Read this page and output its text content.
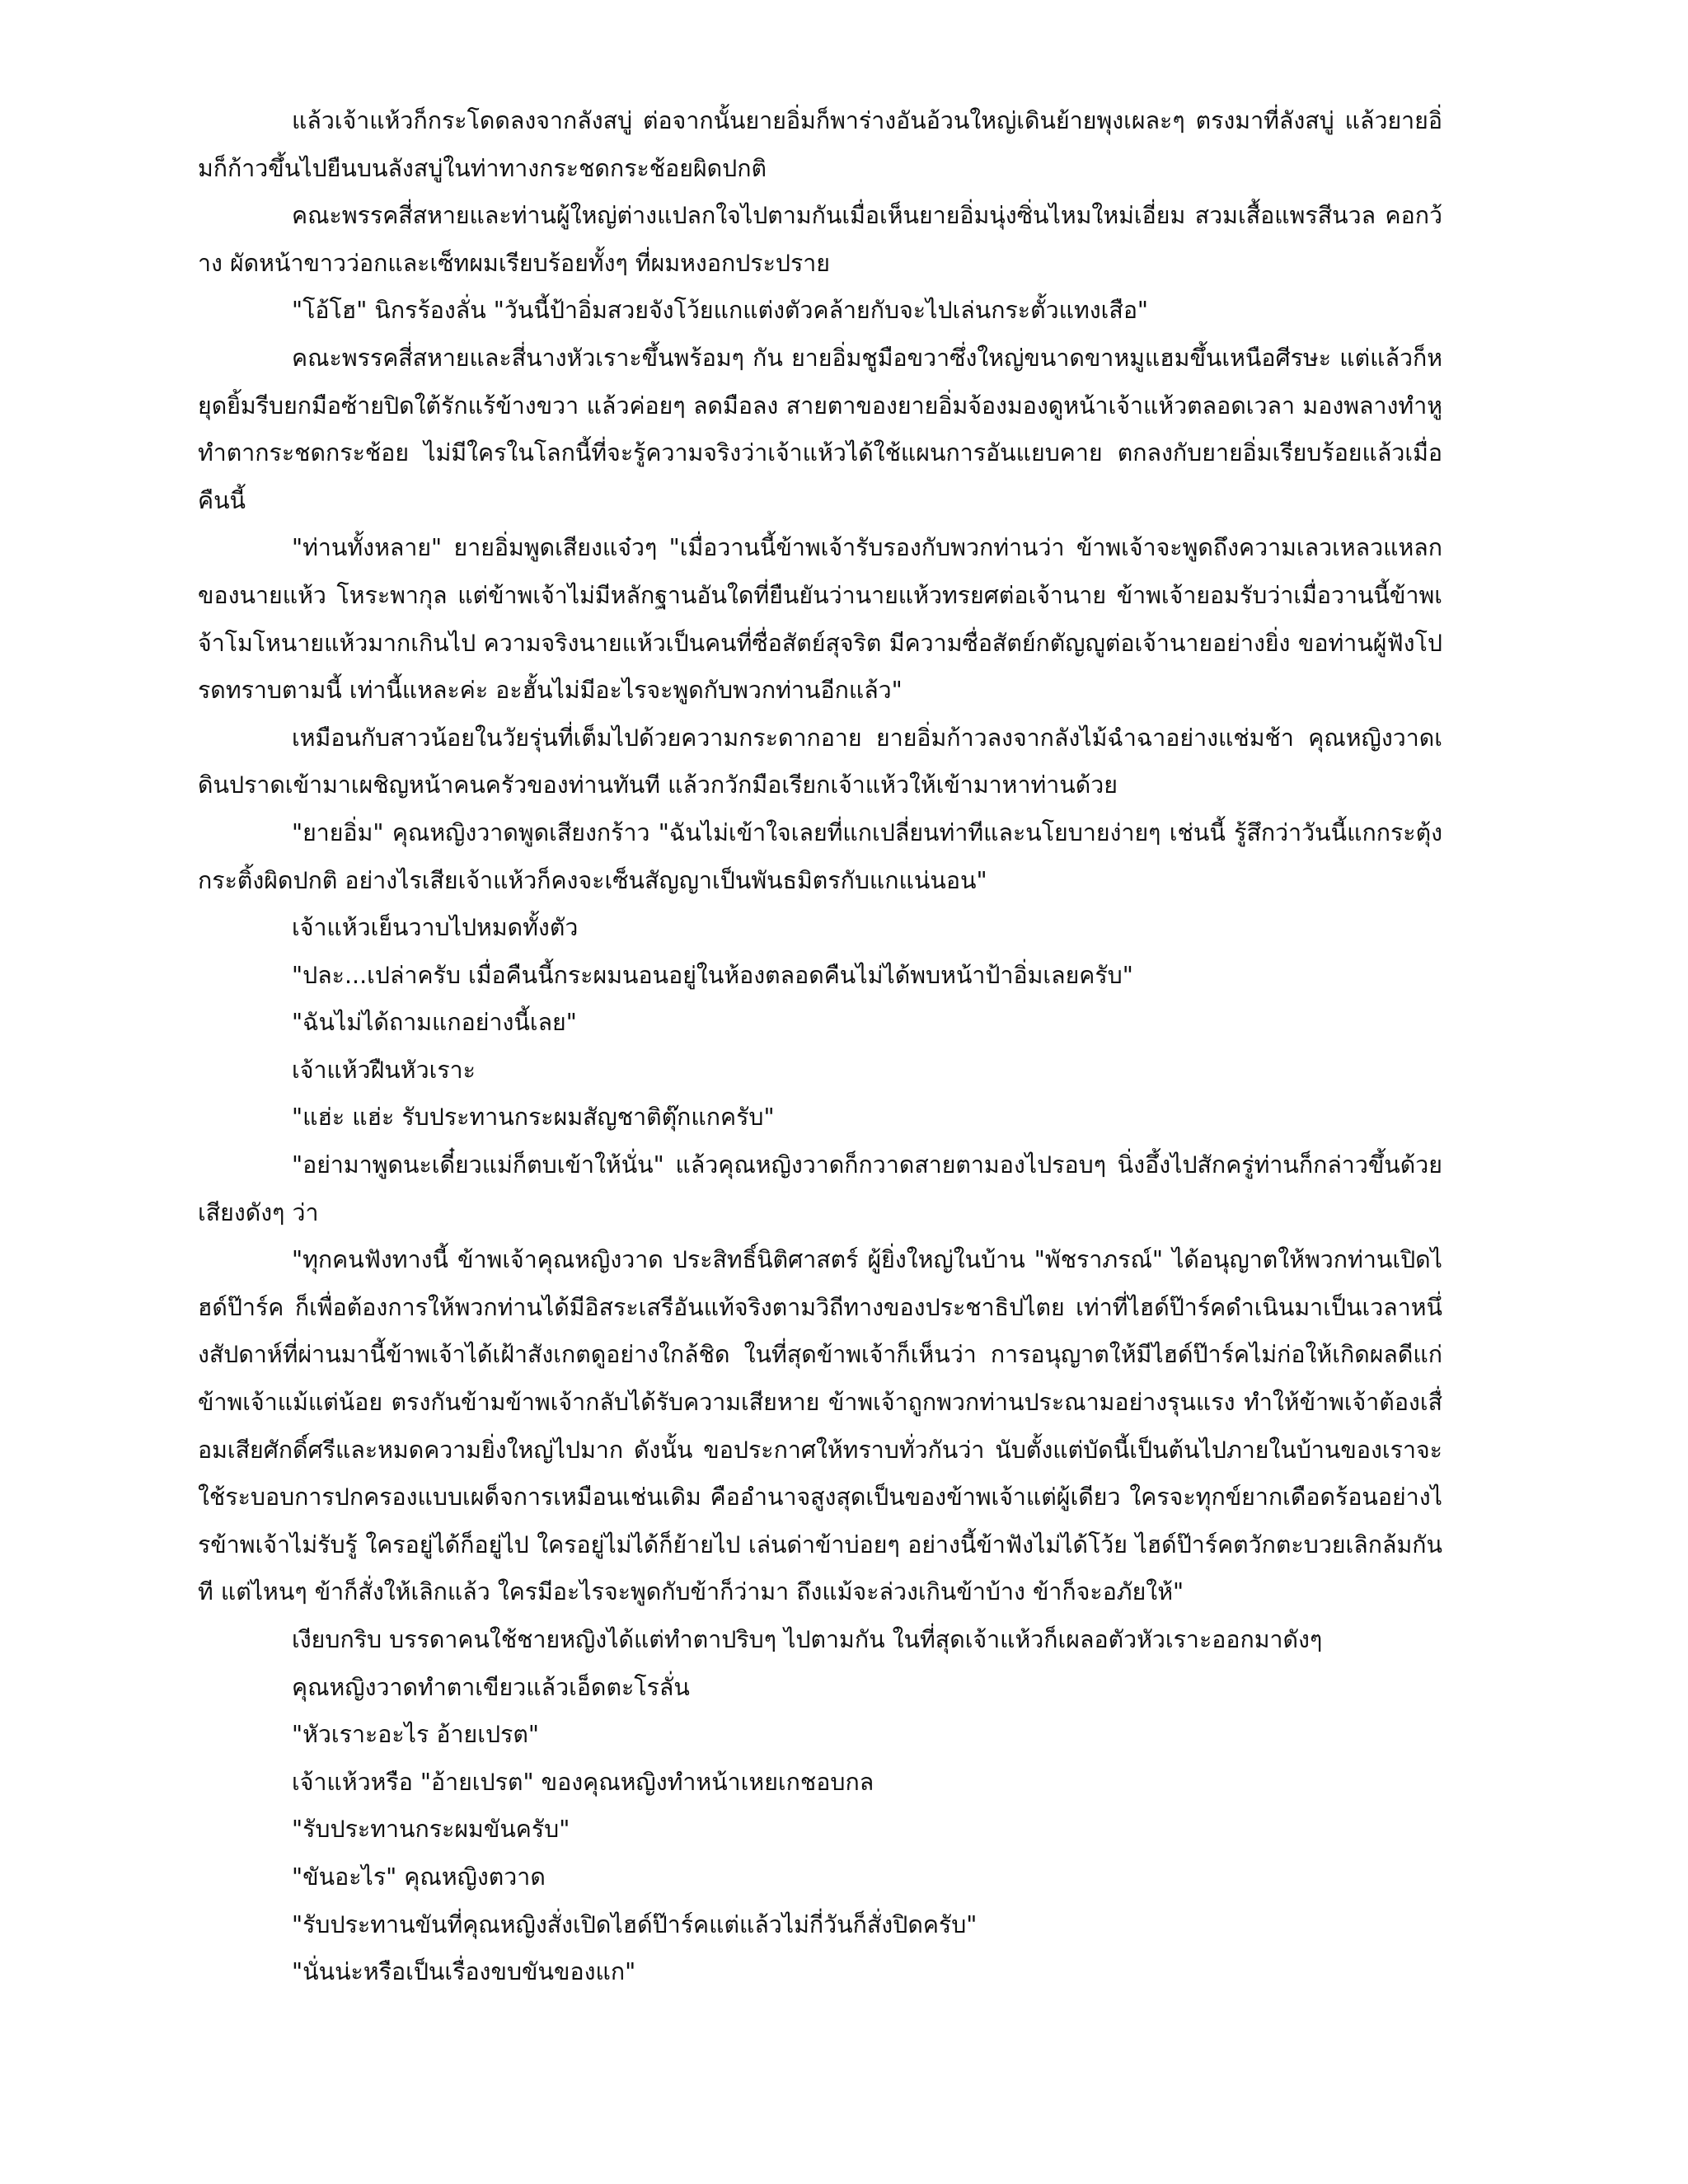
แล้วเจ้าแห้วก็กระโดดลงจากลังสบู่ ต่อจากนั้นยายอิ่มก็พาร่างอันอ้วนใหญ่เดินย้ายพุงเผละๆ ตรงมาที่ลังสบู่ แล้วยายอิ่มก็ก้าวขึ้นไปยืนบนลังสบู่ในท่าทางกระชดกระช้อยผิดปกติ

คณะพรรคสี่สหายและท่านผู้ใหญ่ต่างแปลกใจไปตามกันเมื่อเห็นยายอิ่มนุ่งซิ่นไหมใหม่เอี่ยม สวมเสื้อแพรสีนวล คอกว้าง ผัดหน้าขาวว่อกและเซ็ทผมเรียบร้อยทั้งๆ ที่ผมหงอกประปราย

"โอ้โฮ" นิกรร้องลั่น "วันนี้ป้าอิ่มสวยจังโว้ยแกแต่งตัวคล้ายกับจะไปเล่นกระตั้วแทงเสือ"

คณะพรรคสี่สหายและสี่นางหัวเราะขึ้นพร้อมๆ กัน ยายอิ่มชูมือขวาซึ่งใหญ่ขนาดขาหมูแฮมขึ้นเหนือศีรษะ แต่แล้วก็หยุดยิ้มรีบยกมือซ้ายปิดใต้รักแร้ข้างขวา แล้วค่อยๆ ลดมือลง สายตาของยายอิ่มจ้องมองดูหน้าเจ้าแห้วตลอดเวลา มองพลางทำหูทำตากระชดกระช้อย ไม่มีใครในโลกนี้ที่จะรู้ความจริงว่าเจ้าแห้วได้ใช้แผนการอันแยบคาย ตกลงกับยายอิ่มเรียบร้อยแล้วเมื่อคืนนี้

"ท่านทั้งหลาย" ยายอิ่มพูดเสียงแจ๋วๆ "เมื่อวานนี้ข้าพเจ้ารับรองกับพวกท่านว่า ข้าพเจ้าจะพูดถึงความเลวเหลวแหลกของนายแห้ว โหระพากุล แต่ข้าพเจ้าไม่มีหลักฐานอันใดที่ยืนยันว่านายแห้วทรยศต่อเจ้านาย ข้าพเจ้ายอมรับว่าเมื่อวานนี้ข้าพเจ้าโมโหนายแห้วมากเกินไป ความจริงนายแห้วเป็นคนที่ซื่อสัตย์สุจริต มีความซื่อสัตย์กตัญญูต่อเจ้านายอย่างยิ่ง ขอท่านผู้ฟังโปรดทราบตามนี้ เท่านี้แหละค่ะ อะฮั้นไม่มีอะไรจะพูดกับพวกท่านอีกแล้ว"

เหมือนกับสาวน้อยในวัยรุ่นที่เต็มไปด้วยความกระดากอาย ยายอิ่มก้าวลงจากลังไม้ฉำฉาอย่างแช่มช้า คุณหญิงวาดเดินปราดเข้ามาเผชิญหน้าคนครัวของท่านทันที แล้วกวักมือเรียกเจ้าแห้วให้เข้ามาหาท่านด้วย

"ยายอิ่ม" คุณหญิงวาดพูดเสียงกร้าว "ฉันไม่เข้าใจเลยที่แกเปลี่ยนท่าทีและนโยบายง่ายๆ เช่นนี้ รู้สึกว่าวันนี้แกกระตุ้งกระติ้งผิดปกติ อย่างไรเสียเจ้าแห้วก็คงจะเซ็นสัญญาเป็นพันธมิตรกับแกแน่นอน"

เจ้าแห้วเย็นวาบไปหมดทั้งตัว

"ปละ...เปล่าครับ เมื่อคืนนี้กระผมนอนอยู่ในห้องตลอดคืนไม่ได้พบหน้าป้าอิ่มเลยครับ"

"ฉันไม่ได้ถามแกอย่างนี้เลย"

เจ้าแห้วฝืนหัวเราะ

"แฮ่ะ แฮ่ะ รับประทานกระผมสัญชาติตุ๊กแกครับ"

"อย่ามาพูดนะเดี๋ยวแม่ก็ตบเข้าให้นั่น" แล้วคุณหญิงวาดก็กวาดสายตามองไปรอบๆ นิ่งอึ้งไปสักครู่ท่านก็กล่าวขึ้นด้วยเสียงดังๆ ว่า

"ทุกคนฟังทางนี้ ข้าพเจ้าคุณหญิงวาด ประสิทธิ์นิติศาสตร์ ผู้ยิ่งใหญ่ในบ้าน "พัชราภรณ์" ได้อนุญาตให้พวกท่านเปิดไฮด์ป๊าร์ค ก็เพื่อต้องการให้พวกท่านได้มีอิสระเสรีอันแท้จริงตามวิถีทางของประชาธิปไตย เท่าที่ไฮด์ป๊าร์คดำเนินมาเป็นเวลาหนึ่งสัปดาห์ที่ผ่านมานี้ข้าพเจ้าได้เฝ้าสังเกตดูอย่างใกล้ชิด ในที่สุดข้าพเจ้าก็เห็นว่า การอนุญาตให้มีไฮด์ป๊าร์คไม่ก่อให้เกิดผลดีแก่ข้าพเจ้าแม้แต่น้อย ตรงกันข้ามข้าพเจ้ากลับได้รับความเสียหาย ข้าพเจ้าถูกพวกท่านประณามอย่างรุนแรง ทำให้ข้าพเจ้าต้องเสื่อมเสียศักดิ์ศรีและหมดความยิ่งใหญ่ไปมาก ดังนั้น ขอประกาศให้ทราบทั่วกันว่า นับตั้งแต่บัดนี้เป็นต้นไปภายในบ้านของเราจะใช้ระบอบการปกครองแบบเผด็จการเหมือนเช่นเดิม คืออำนาจสูงสุดเป็นของข้าพเจ้าแต่ผู้เดียว ใครจะทุกข์ยากเดือดร้อนอย่างไรข้าพเจ้าไม่รับรู้ ใครอยู่ได้ก็อยู่ไป ใครอยู่ไม่ได้ก็ย้ายไป เล่นด่าข้าบ่อยๆ อย่างนี้ข้าฟังไม่ได้โว้ย ไฮด์ป๊าร์คตวักตะบวยเลิกล้มกันที แต่ไหนๆ ข้าก็สั่งให้เลิกแล้ว ใครมีอะไรจะพูดกับข้าก็ว่ามา ถึงแม้จะล่วงเกินข้าบ้าง ข้าก็จะอภัยให้"

เงียบกริบ บรรดาคนใช้ชายหญิงได้แต่ทำตาปริบๆ ไปตามกัน ในที่สุดเจ้าแห้วก็เผลอตัวหัวเราะออกมาดังๆ

คุณหญิงวาดทำตาเขียวแล้วเอ็ดตะโรลั่น

"หัวเราะอะไร อ้ายเปรต"

เจ้าแห้วหรือ "อ้ายเปรต" ของคุณหญิงทำหน้าเหยเกชอบกล

"รับประทานกระผมขันครับ"

"ขันอะไร" คุณหญิงตวาด

"รับประทานขันที่คุณหญิงสั่งเปิดไฮด์ป๊าร์คแต่แล้วไม่กี่วันก็สั่งปิดครับ"

"นั่นน่ะหรือเป็นเรื่องขบขันของแก"
